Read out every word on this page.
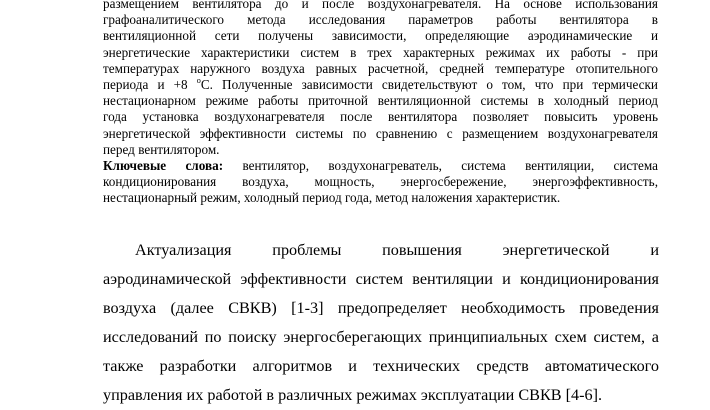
размещением вентилятора до и после воздухонагревателя. На основе использования
графоаналитического метода исследования параметров работы вентилятора в
вентиляционной сети получены зависимости, определяющие аэродинамические и
энергетические характеристики систем в трех характерных режимах их работы - при
температурах наружного воздуха равных расчетной, средней температуре отопительного
периода и +8 $^o$С. Полученные зависимости свидетельствуют о том, что при термически
нестационарном режиме работы приточной вентиляционной системы в холодный период
года установка воздухонагревателя после вентилятора позволяет повысить уровень
энергетической эффективности системы по сравнению с размещением воздухонагревателя
перед вентилятором.
Ключевые слова: вентилятор, воздухонагреватель, система вентиляции, система
кондиционирования воздуха, мощность, энергосбережение, энергоэффективность,
нестационарный режим, холодный период года, метод наложения характеристик.
Актуализация проблемы повышения энергетической и
аэродинамической эффективности систем вентиляции и кондиционирования
воздуха (далее СВКВ) [1-3] предопределяет необходимость проведения
исследований по поиску энергосберегающих принципиальных схем систем, а
также разработки алгоритмов и технических средств автоматического
управления их работой в различных режимах эксплуатации СВКВ [4-6].
